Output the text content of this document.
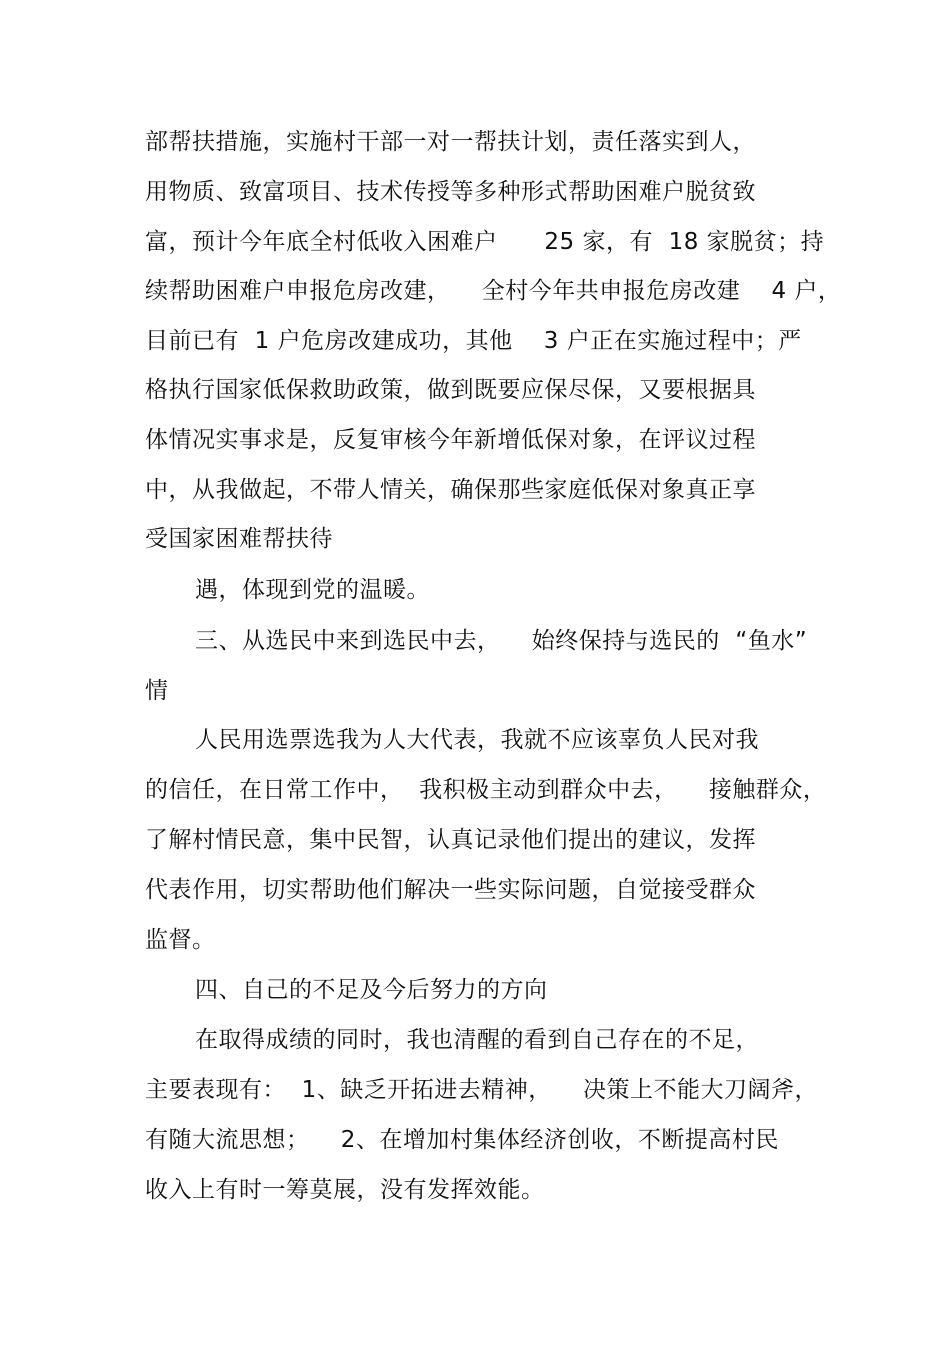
部帮扶措施，实施村干部一对一帮扶计划，责任落实到人，
用物质、致富项目、技术传授等多种形式帮助困难户脱贫致
富，预计今年底全村低收入困难户      25 家，有  18 家脱贫；持
续帮助困难户申报危房改建，    全村今年共申报危房改建    4 户，
目前已有  1 户危房改建成功，其他    3 户正在实施过程中；严
格执行国家低保救助政策，做到既要应保尽保，又要根据具
体情况实事求是，反复审核今年新增低保对象，在评议过程
中，从我做起，不带人情关，确保那些家庭低保对象真正享
受国家困难帮扶待
遇，体现到党的温暖。
三、从选民中来到选民中去，    始终保持与选民的  “鱼水”
情
人民用选票选我为人大代表，我就不应该辜负人民对我
的信任，在日常工作中，  我积极主动到群众中去，    接触群众，
了解村情民意，集中民智，认真记录他们提出的建议，发挥
代表作用，切实帮助他们解决一些实际问题，自觉接受群众
监督。
四、自己的不足及今后努力的方向
在取得成绩的同时，我也清醒的看到自己存在的不足，
主要表现有：  1、缺乏开拓进去精神，    决策上不能大刀阔斧，
有随大流思想；    2、在增加村集体经济创收，不断提高村民
收入上有时一筹莫展，没有发挥效能。
